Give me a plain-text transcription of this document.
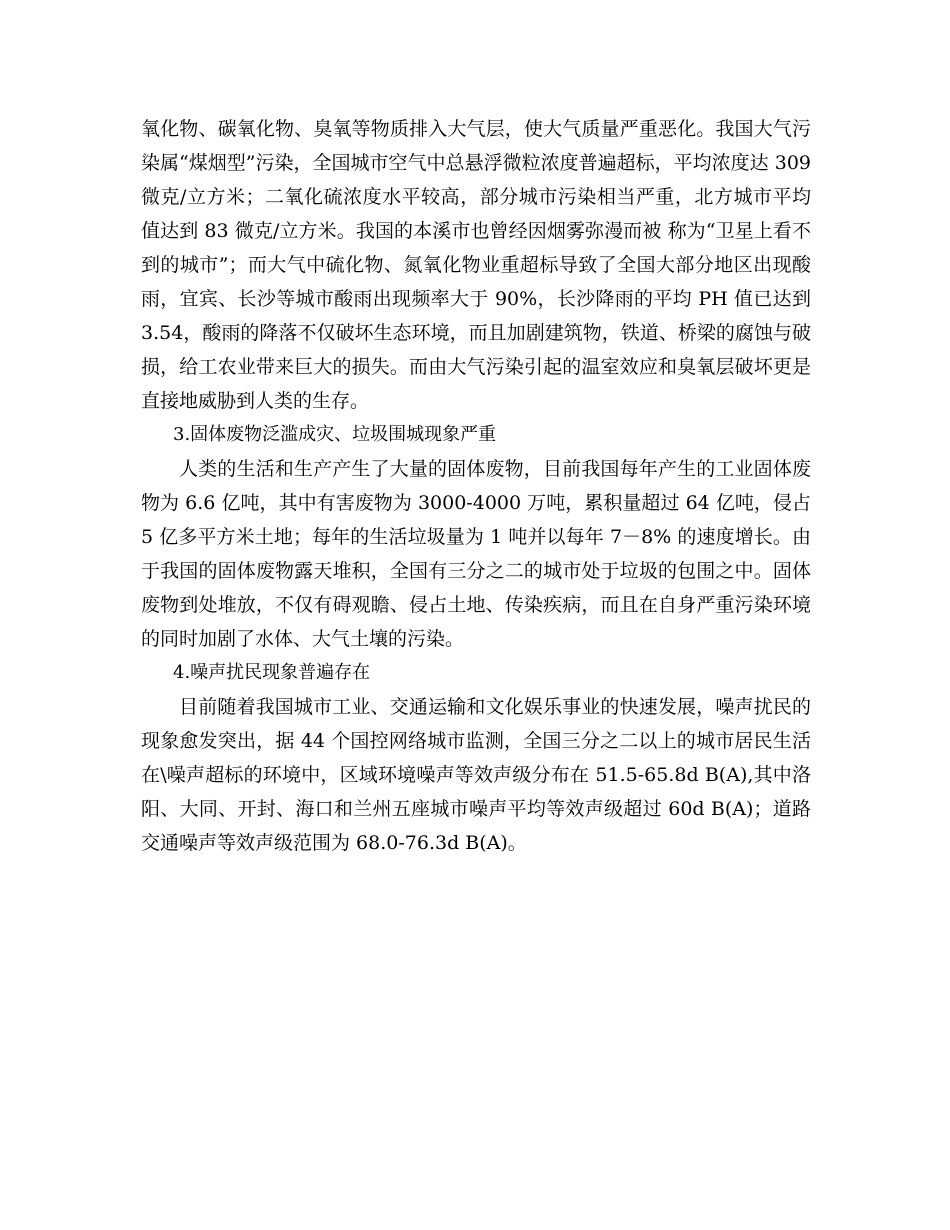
氧化物、碳氧化物、臭氧等物质排入大气层，使大气质量严重恶化。我国大气污染属“煤烟型”污染，全国城市空气中总悬浮微粒浓度普遍超标，平均浓度达 309 微克/立方米；二氧化硫浓度水平较高，部分城市污染相当严重，北方城市平均值达到 83 微克/立方米。我国的本溪市也曾经因烟雾弥漫而被 称为“卫星上看不到的城市”；而大气中硫化物、氮氧化物业重超标导致了全国大部分地区出现酸雨，宜宾、长沙等城市酸雨出现频率大于 90%，长沙降雨的平均 PH 值已达到 3.54，酸雨的降落不仅破坏生态环境，而且加剧建筑物，铁道、桥梁的腐蚀与破损，给工农业带来巨大的损失。而由大气污染引起的温室效应和臭氧层破坏更是直接地威胁到人类的生存。

3.固体废物泛滥成灾、垃圾围城现象严重

人类的生活和生产产生了大量的固体废物，目前我国每年产生的工业固体废物为 6.6 亿吨，其中有害废物为 3000-4000 万吨，累积量超过 64 亿吨，侵占 5 亿多平方米土地；每年的生活垃圾量为 1 吨并以每年 7－8% 的速度增长。由于我国的固体废物露天堆积，全国有三分之二的城市处于垃圾的包围之中。固体废物到处堆放，不仅有碍观瞻、侵占土地、传染疾病，而且在自身严重污染环境的同时加剧了水体、大气土壤的污染。

4.噪声扰民现象普遍存在

目前随着我国城市工业、交通运输和文化娱乐事业的快速发展，噪声扰民的现象愈发突出，据 44 个国控网络城市监测，全国三分之二以上的城市居民生活在\噪声超标的环境中，区域环境噪声等效声级分布在 51.5-65.8d B(A),其中洛阳、大同、开封、海口和兰州五座城市噪声平均等效声级超过 60d B(A)；道路交通噪声等效声级范围为 68.0-76.3d B(A)。
